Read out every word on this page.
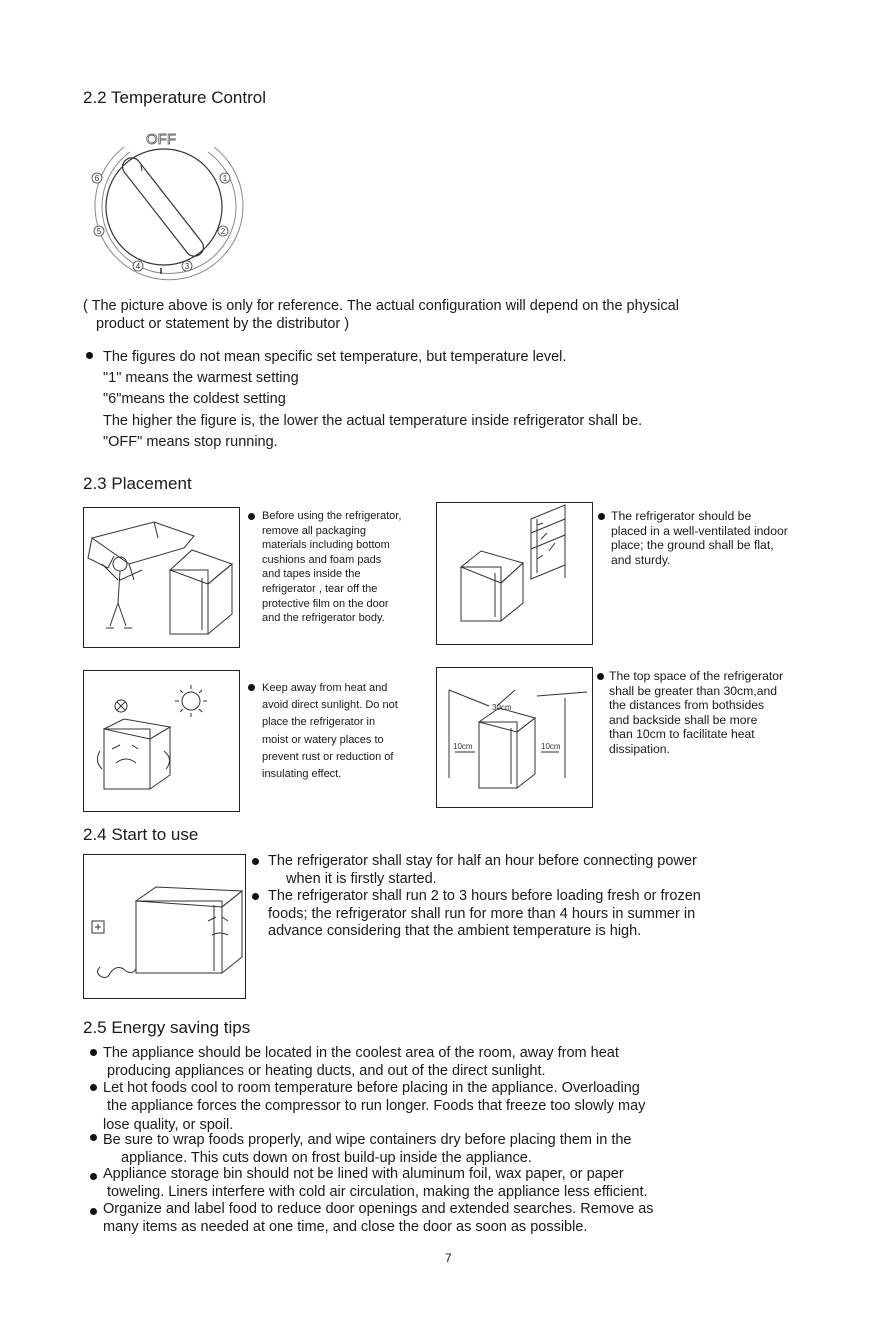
2.2 Temperature Control
OFF
6	1
5	2
4	3
( The picture above is only for reference. The actual configuration will depend on the physical
product or statement by the distributor )
The figures do not mean specific set temperature, but temperature level.
"1" means the warmest setting
"6"means the coldest setting
The higher the figure is, the lower the actual temperature inside refrigerator shall be.
"OFF" means stop running.
2.3 Placement
Before using the refrigerator,
remove all packaging
materials including bottom
cushions and foam pads
and tapes inside the
refrigerator , tear off the
protective film on the door
and the refrigerator body.
The refrigerator should be
placed in a well-ventilated indoor
place; the ground shall be flat,
and sturdy.
Keep away from heat and
avoid direct sunlight. Do not
place the refrigerator in
moist or watery places to
prevent rust or reduction of
insulating effect.
30cm
10cm	10cm
The top space of the refrigerator
shall be greater than 30cm,and
the distances from bothsides
and backside shall be more
than 10cm to facilitate heat
dissipation.
2.4 Start to use
The refrigerator shall stay for half an hour before connecting power
when it is firstly started.
The refrigerator shall run 2 to 3 hours before loading fresh or frozen
foods; the refrigerator shall run for more than 4 hours in summer in
advance considering that the ambient temperature is high.
2.5 Energy saving tips
The appliance should be located in the coolest area of the room, away from heat
producing appliances or heating ducts, and out of the direct sunlight.
Let hot foods cool to room temperature before placing in the appliance. Overloading
the appliance forces the compressor to run longer. Foods that freeze too slowly may
lose quality, or spoil.
Be sure to wrap foods properly, and wipe containers dry before placing them in the
appliance. This cuts down on frost build-up inside the appliance.
Appliance storage bin should not be lined with aluminum foil, wax paper, or paper
toweling. Liners interfere with cold air circulation, making the appliance less efficient.
Organize and label food to reduce door openings and extended searches. Remove as
many items as needed at one time, and close the door as soon as possible.
7
